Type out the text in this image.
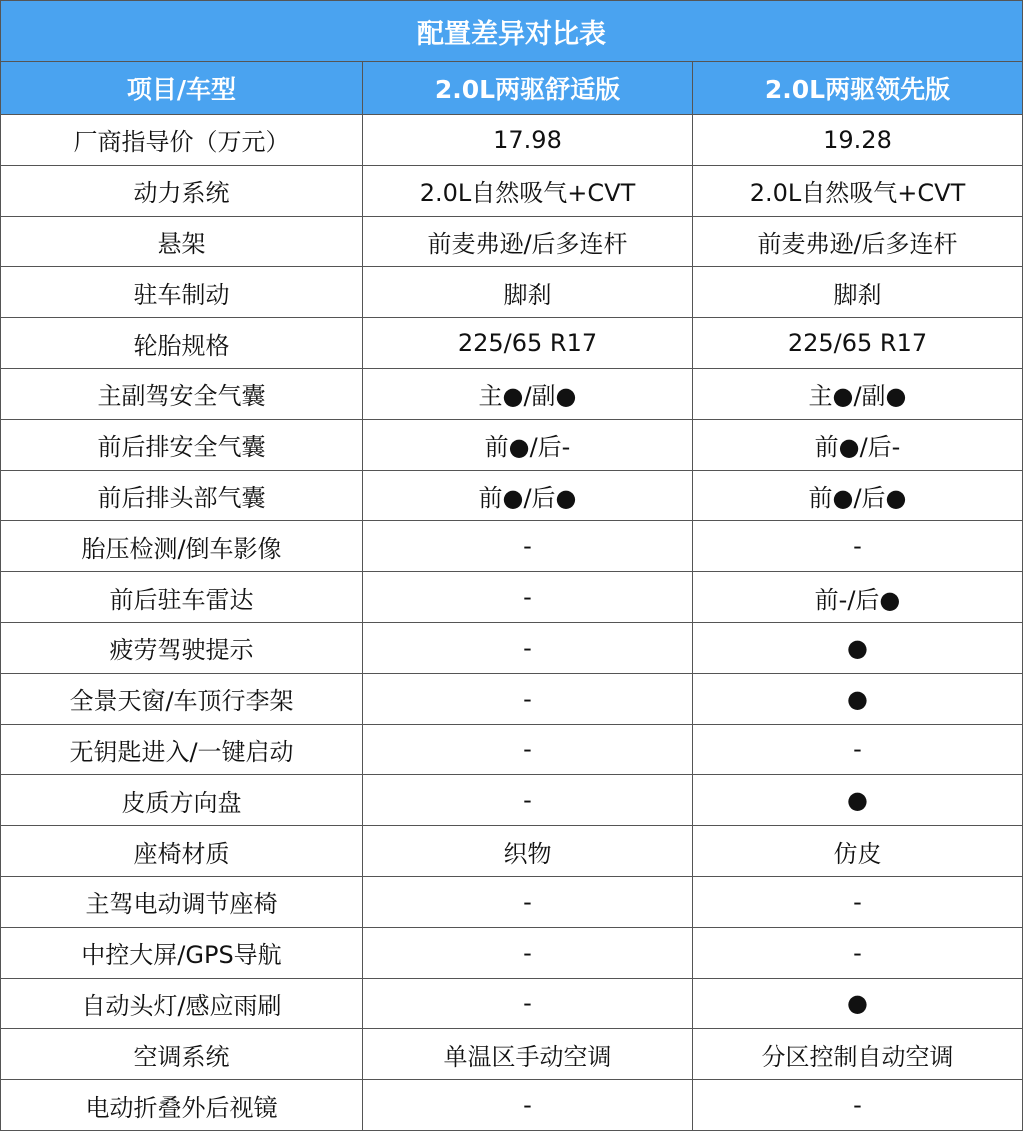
配置差异对比表		
项目/车型	2.0L两驱舒适版	2.0L两驱领先版
厂商指导价（万元）	17.98	19.28
动力系统	2.0L自然吸气+CVT	2.0L自然吸气+CVT
悬架	前麦弗逊/后多连杆	前麦弗逊/后多连杆
驻车制动	脚刹	脚刹
轮胎规格	225/65 R17	225/65 R17
主副驾安全气囊	主●/副●	主●/副●
前后排安全气囊	前●/后-	前●/后-
前后排头部气囊	前●/后●	前●/后●
胎压检测/倒车影像	-	-
前后驻车雷达	-	前-/后●
疲劳驾驶提示	-	●
全景天窗/车顶行李架	-	●
无钥匙进入/一键启动	-	-
皮质方向盘	-	●
座椅材质	织物	仿皮
主驾电动调节座椅	-	-
中控大屏/GPS导航	-	-
自动头灯/感应雨刷	-	●
空调系统	单温区手动空调	分区控制自动空调
电动折叠外后视镜	-	-
